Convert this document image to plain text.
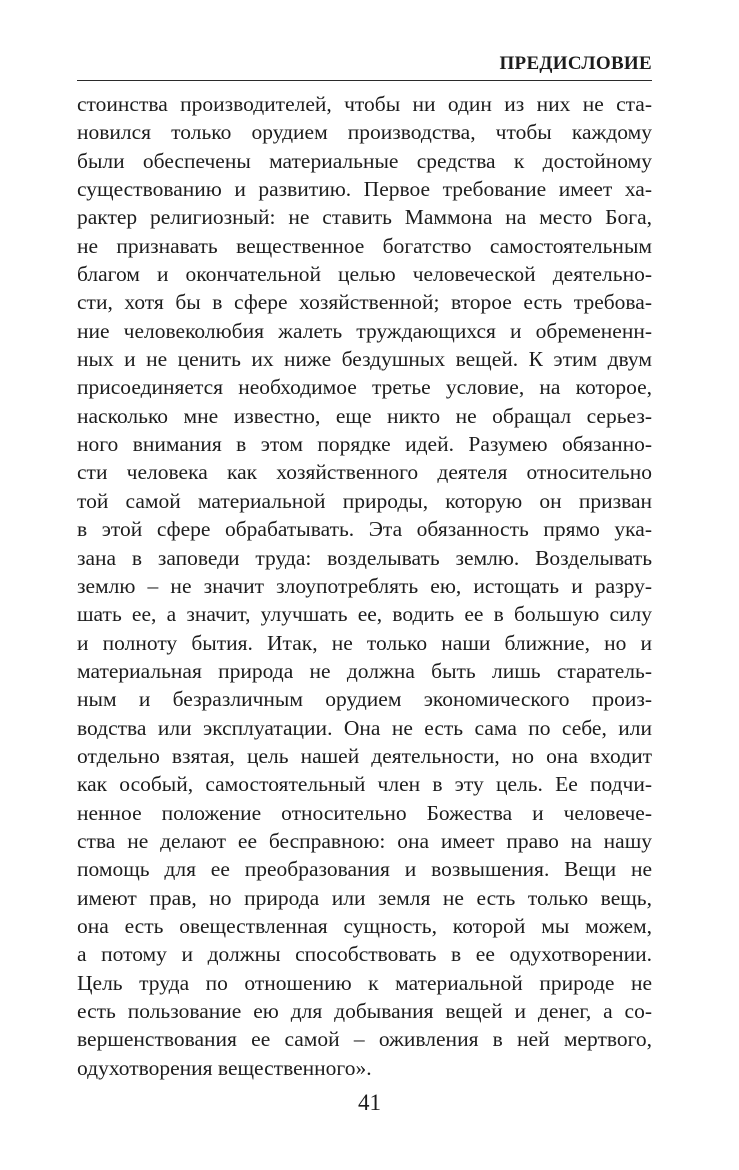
ПРЕДИСЛОВИЕ
стоинства производителей, чтобы ни один из них не ста-
новился только орудием производства, чтобы каждому
были обеспечены материальные средства к достойному
существованию и развитию. Первое требование имеет ха-
рактер религиозный: не ставить Маммона на место Бога,
не признавать вещественное богатство самостоятельным
благом и окончательной целью человеческой деятельно-
сти, хотя бы в сфере хозяйственной; второе есть требова-
ние человеколюбия жалеть труждающихся и обремененн-
ных и не ценить их ниже бездушных вещей. К этим двум
присоединяется необходимое третье условие, на которое,
насколько мне известно, еще никто не обращал серьез-
ного внимания в этом порядке идей. Разумею обязанно-
сти человека как хозяйственного деятеля относительно
той самой материальной природы, которую он призван
в этой сфере обрабатывать. Эта обязанность прямо ука-
зана в заповеди труда: возделывать землю. Возделывать
землю – не значит злоупотреблять ею, истощать и разру-
шать ее, а значит, улучшать ее, водить ее в большую силу
и полноту бытия. Итак, не только наши ближние, но и
материальная природа не должна быть лишь старатель-
ным и безразличным орудием экономического произ-
водства или эксплуатации. Она не есть сама по себе, или
отдельно взятая, цель нашей деятельности, но она входит
как особый, самостоятельный член в эту цель. Ее подчи-
ненное положение относительно Божества и человече-
ства не делают ее бесправною: она имеет право на нашу
помощь для ее преобразования и возвышения. Вещи не
имеют прав, но природа или земля не есть только вещь,
она есть овеществленная сущность, которой мы можем,
а потому и должны способствовать в ее одухотворении.
Цель труда по отношению к материальной природе не
есть пользование ею для добывания вещей и денег, а со-
вершенствования ее самой – оживления в ней мертвого,
одухотворения вещественного».
41
